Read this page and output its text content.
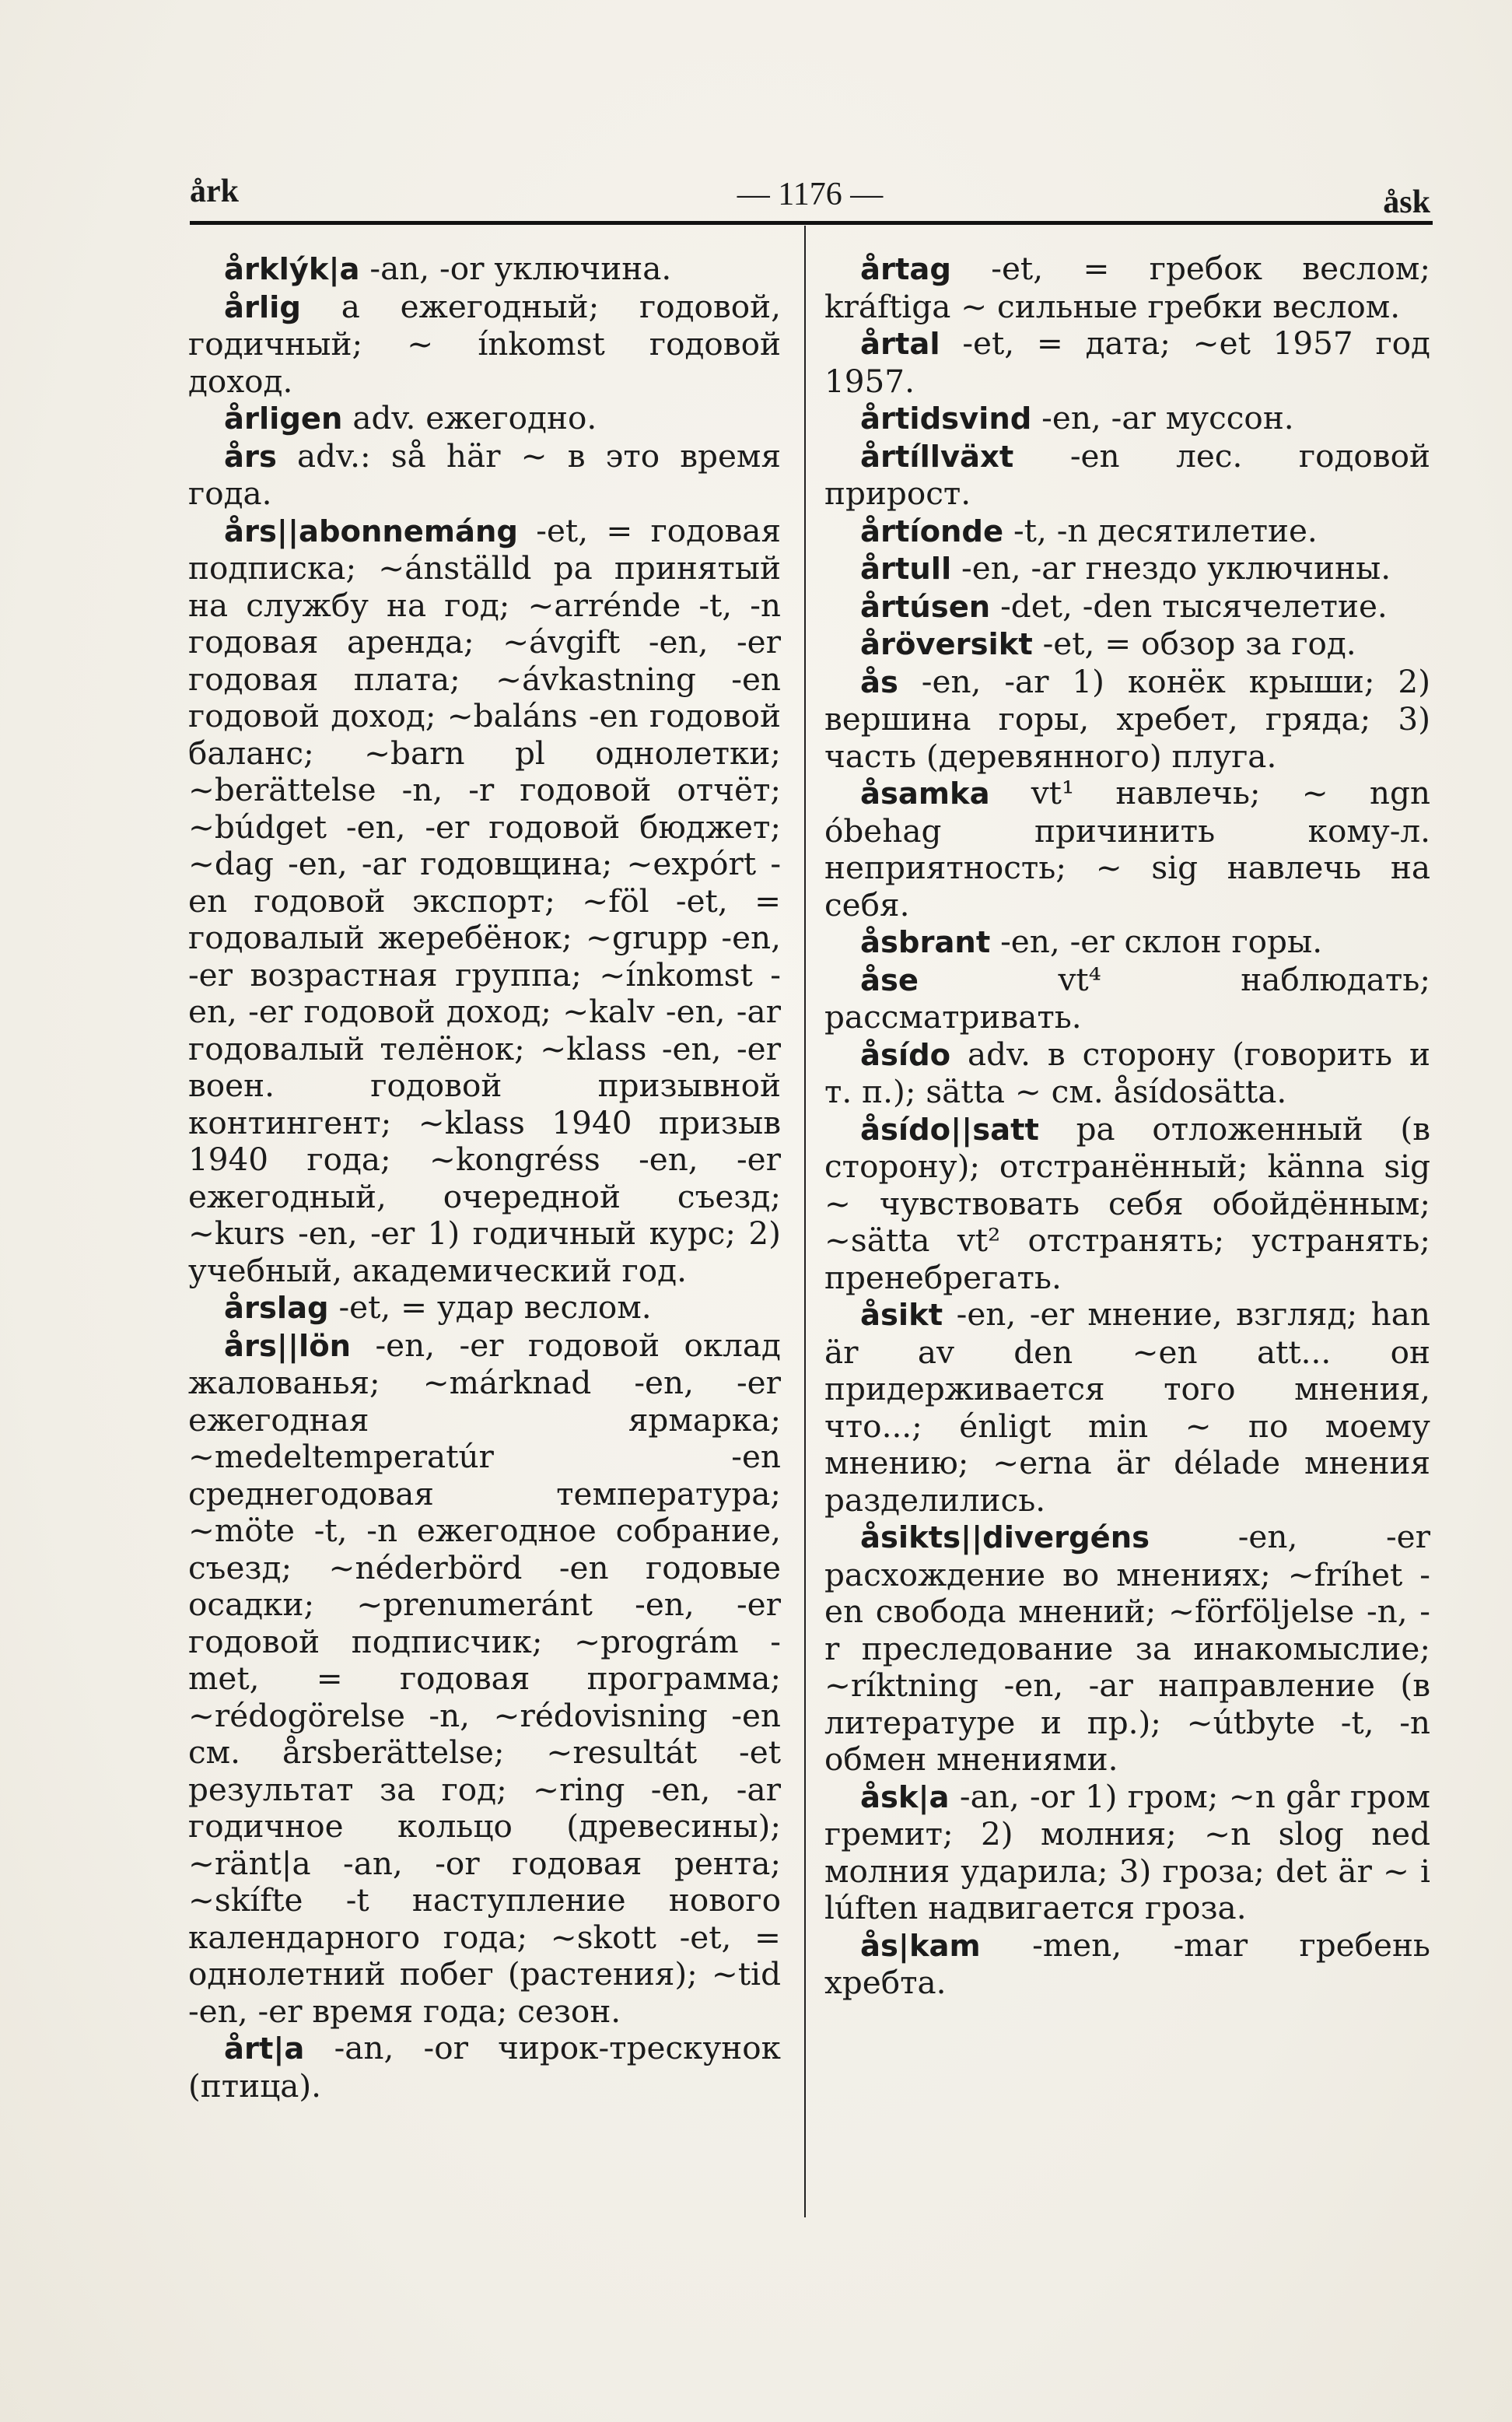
årk	— 1176 —	åsk

årklýk|a -an, -or уключина.

årlig a ежегодный; годовой, годичный; ~ ínkomst годовой доход.

årligen adv. ежегодно.

års adv.: så här ~ в это время года.

års||abonnemáng -et, = годовая подписка; ~ánställd pa принятый на службу на год; ~arrénde -t, -n годовая аренда; ~ávgift -en, -er годовая плата; ~ávkastning -en годовой доход; ~baláns -en годовой баланс; ~barn pl однолетки; ~berättelse -n, -r годовой отчёт; ~búdget -en, -er годовой бюджет; ~dag -en, -ar годовщина; ~expórt -en годовой экспорт; ~föl -et, = годовалый жеребёнок; ~grupp -en, -er возрастная группа; ~ínkomst -en, -er годовой доход; ~kalv -en, -ar годовалый телёнок; ~klass -en, -er воен. годовой призывной контингент; ~klass 1940 призыв 1940 года; ~kongréss -en, -er ежегодный, очередной съезд; ~kurs -en, -er 1) годичный курс; 2) учебный, академический год.

årslag -et, = удар веслом.

års||lön -en, -er годовой оклад жалованья; ~márknad -en, -er ежегодная ярмарка; ~medeltemperatúr -en среднегодовая температура; ~möte -t, -n ежегодное собрание, съезд; ~néderbörd -en годовые осадки; ~prenumeránt -en, -er годовой подписчик; ~prográm -met, = годовая программа; ~rédogörelse -n, ~rédovisning -en см. årsberättelse; ~resultát -et результат за год; ~ring -en, -ar годичное кольцо (древесины); ~ränt|a -an, -or годовая рента; ~skífte -t наступление нового календарного года; ~skott -et, = однолетний побег (растения); ~tid -en, -er время года; сезон.

årt|a -an, -or чирок-трескунок (птица).

årtag -et, = гребок веслом; kráftiga ~ сильные гребки веслом.

årtal -et, = дата; ~et 1957 год 1957.

årtidsvind -en, -ar муссон.

årtíllväxt -en лес. годовой прирост.

årtíonde -t, -n десятилетие.

årtull -en, -ar гнездо уключины.

årtúsen -det, -den тысячелетие.

åröversikt -et, = обзор за год.

ås -en, -ar 1) конёк крыши; 2) вершина горы, хребет, гряда; 3) часть (деревянного) плуга.

åsamka vt¹ навлечь; ~ ngn óbehag причинить кому-л. неприятность; ~ sig навлечь на себя.

åsbrant -en, -er склон горы.

åse vt⁴ наблюдать; рассматривать.

åsído adv. в сторону (говорить и т. п.); sätta ~ см. åsídosätta.

åsído||satt pa отложенный (в сторону); отстранённый; känna sig ~ чувствовать себя обойдённым; ~sätta vt² отстранять; устранять; пренебрегать.

åsikt -en, -er мнение, взгляд; han är av den ~en att... он придерживается того мнения, что...; énligt min ~ по моему мнению; ~erna är délade мнения разделились.

åsikts||divergéns -en, -er расхождение во мнениях; ~fríhet -en свобода мнений; ~förföljelse -n, -r преследование за инакомыслие; ~ríktning -en, -ar направление (в литературе и пр.); ~útbyte -t, -n обмен мнениями.

åsk|a -an, -or 1) гром; ~n går гром гремит; 2) молния; ~n slog ned молния ударила; 3) гроза; det är ~ i lúften надвигается гроза.

ås|kam -men, -mar гребень хребта.
